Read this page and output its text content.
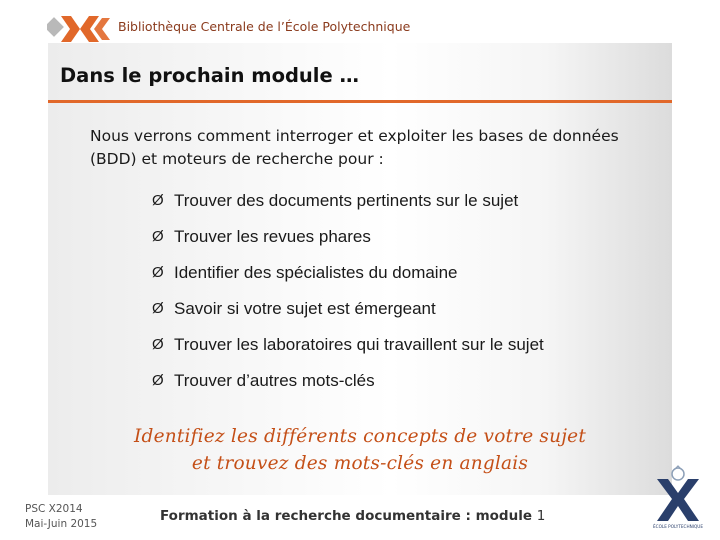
Bibliothèque Centrale de l’École Polytechnique
Dans le prochain module …
Nous verrons comment interroger et exploiter les bases de données (BDD) et moteurs de recherche pour :
Ø Trouver des documents pertinents sur le sujet
Ø Trouver les revues phares
Ø Identifier des spécialistes du domaine
Ø Savoir si votre sujet est émergeant
Ø Trouver les laboratoires qui travaillent sur le sujet
Ø Trouver d’autres mots-clés
Identifiez les différents concepts de votre sujet
et trouvez des mots-clés en anglais
PSC X2014
Mai-Juin 2015	Formation à la recherche documentaire : module 1
ÉCOLE POLYTECHNIQUE
